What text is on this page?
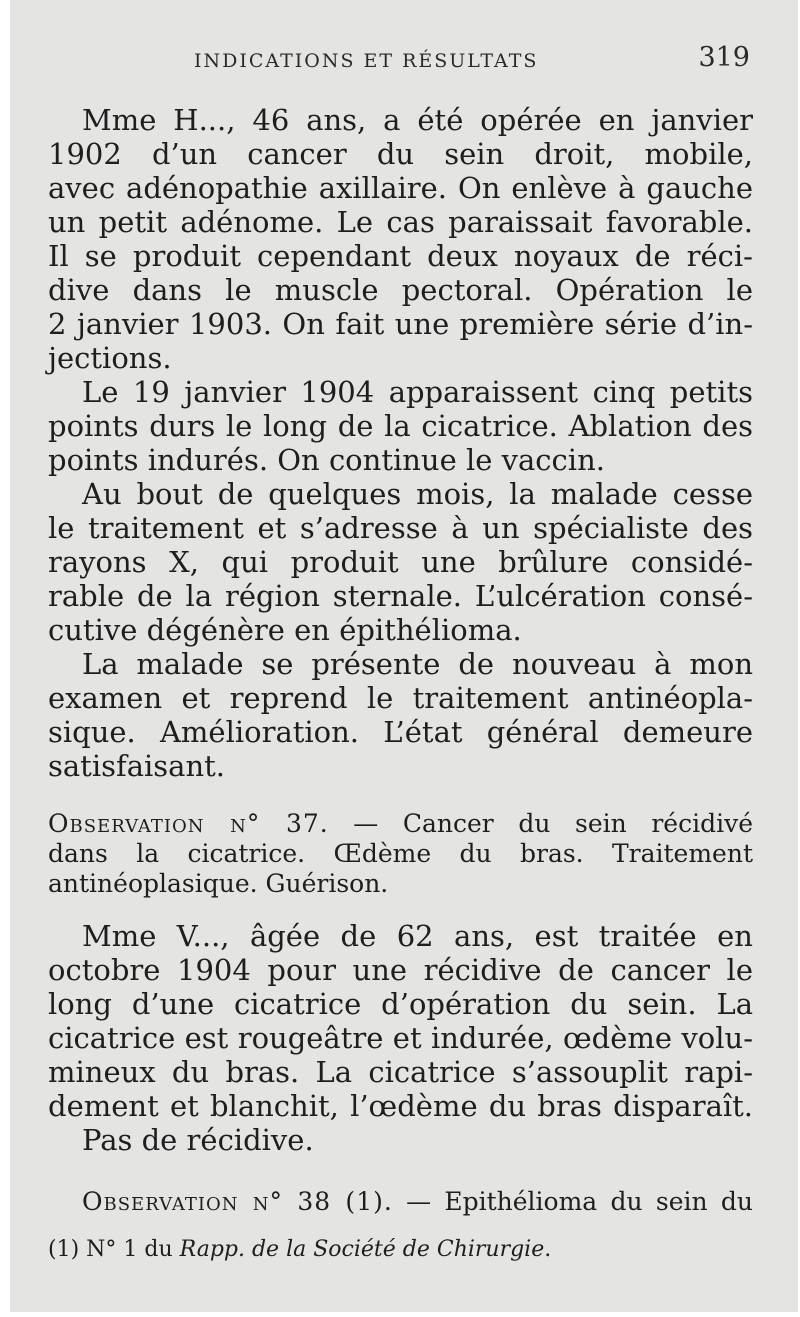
INDICATIONS ET RÉSULTATS	319
Mme H..., 46 ans, a été opérée en janvier
1902 d’un cancer du sein droit, mobile,
avec adénopathie axillaire. On enlève à gauche
un petit adénome. Le cas paraissait favorable.
Il se produit cependant deux noyaux de réci-
dive dans le muscle pectoral. Opération le
2 janvier 1903. On fait une première série d’in-
jections.
Le 19 janvier 1904 apparaissent cinq petits
points durs le long de la cicatrice. Ablation des
points indurés. On continue le vaccin.
Au bout de quelques mois, la malade cesse
le traitement et s’adresse à un spécialiste des
rayons X, qui produit une brûlure considé-
rable de la région sternale. L’ulcération consé-
cutive dégénère en épithélioma.
La malade se présente de nouveau à mon
examen et reprend le traitement antinéopla-
sique. Amélioration. L’état général demeure
satisfaisant.
Observation n° 37. — Cancer du sein récidivé
dans la cicatrice. Œdème du bras. Traitement
antinéoplasique. Guérison.
Mme V..., âgée de 62 ans, est traitée en
octobre 1904 pour une récidive de cancer le
long d’une cicatrice d’opération du sein. La
cicatrice est rougeâtre et indurée, œdème volu-
mineux du bras. La cicatrice s’assouplit rapi-
dement et blanchit, l’œdème du bras disparaît.
Pas de récidive.
Observation n° 38 (1). — Epithélioma du sein du
(1) N° 1 du Rapp. de la Société de Chirurgie.
